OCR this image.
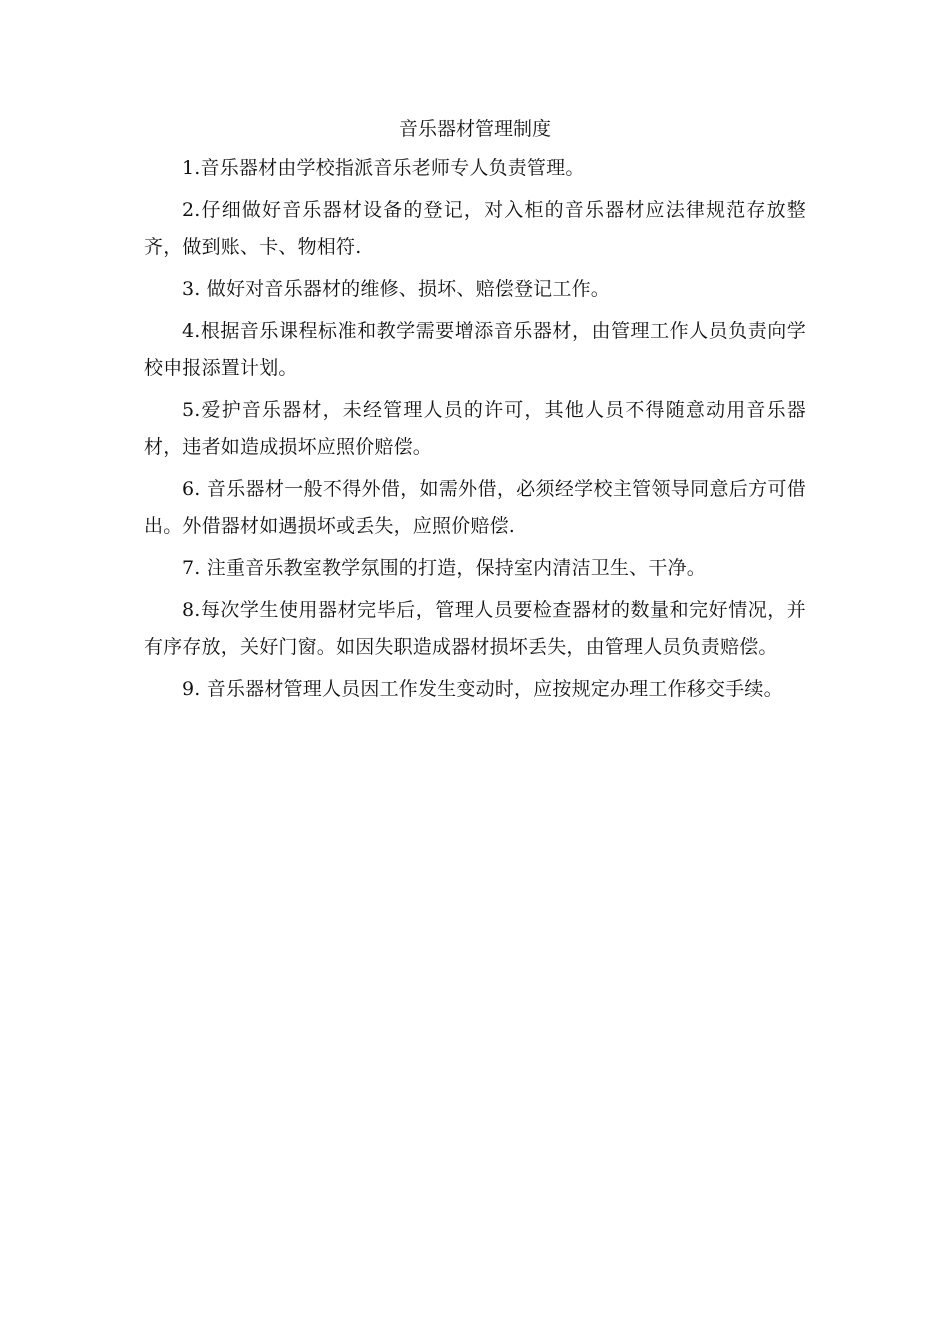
音乐器材管理制度

1.音乐器材由学校指派音乐老师专人负责管理。

2.仔细做好音乐器材设备的登记，对入柜的音乐器材应法律规范存放整齐，做到账、卡、物相符.

3. 做好对音乐器材的维修、损坏、赔偿登记工作。

4.根据音乐课程标准和教学需要增添音乐器材，由管理工作人员负责向学校申报添置计划。

5.爱护音乐器材，未经管理人员的许可，其他人员不得随意动用音乐器材，违者如造成损坏应照价赔偿。

6. 音乐器材一般不得外借，如需外借，必须经学校主管领导同意后方可借出。外借器材如遇损坏或丢失，应照价赔偿.

7. 注重音乐教室教学氛围的打造，保持室内清洁卫生、干净。

8.每次学生使用器材完毕后，管理人员要检查器材的数量和完好情况，并有序存放，关好门窗。如因失职造成器材损坏丢失，由管理人员负责赔偿。

9. 音乐器材管理人员因工作发生变动时，应按规定办理工作移交手续。
